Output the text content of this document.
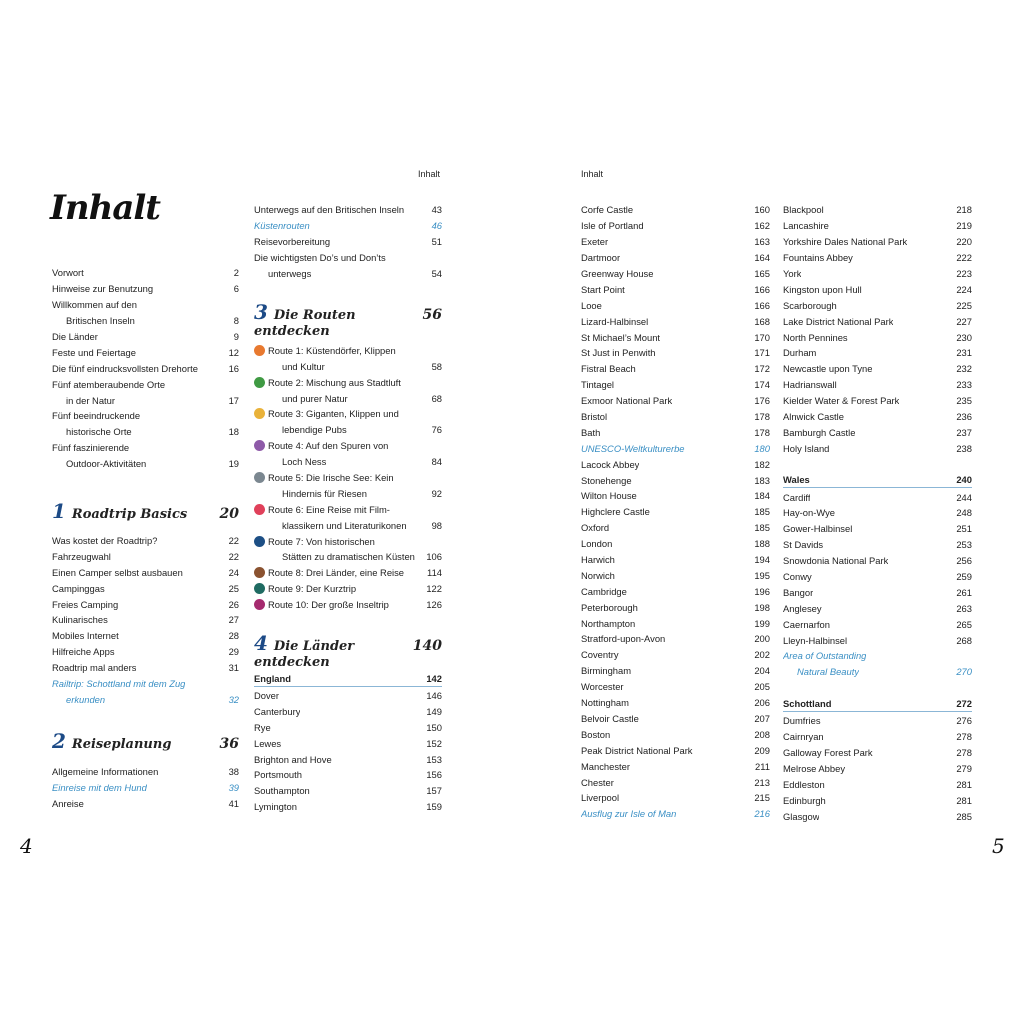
Inhalt	Inhalt
Inhalt
Vorwort	2
Hinweise zur Benutzung	6
Willkommen auf den
Britischen Inseln	8
Die Länder	9
Feste und Feiertage	12
Die fünf eindrucksvollsten Drehorte	16
Fünf atemberaubende Orte
in der Natur	17
Fünf beeindruckende
historische Orte	18
Fünf faszinierende
Outdoor-Aktivitäten	19
1 Roadtrip Basics 20
Was kostet der Roadtrip?	22
Fahrzeugwahl	22
Einen Camper selbst ausbauen	24
Campinggas	25
Freies Camping	26
Kulinarisches	27
Mobiles Internet	28
Hilfreiche Apps	29
Roadtrip mal anders	31
Railtrip: Schottland mit dem Zug
erkunden	32
2 Reiseplanung	36
Allgemeine Informationen	38
Einreise mit dem Hund	39
Anreise	41
Unterwegs auf den Britischen Inseln	43
Küstenrouten	46
Reisevorbereitung	51
Die wichtigsten Do’s und Don’ts
unterwegs	54
3 Die Routen entdecken
56
Route 1: Küstendörfer, Klippen
und Kultur	58
Route 2: Mischung aus Stadtluft
und purer Natur	68
Route 3: Giganten, Klippen und
lebendige Pubs	76
Route 4: Auf den Spuren von
Loch Ness	84
Route 5: Die Irische See: Kein
Hindernis für Riesen	92
Route 6: Eine Reise mit Film-
klassikern und Literaturikonen	98
Route 7: Von historischen
Stätten zu dramatischen Küsten 106
Route 8: Drei Länder, eine Reise 114
Route 9: Der Kurztrip	122
Route 10: Der große Inseltrip	126
4 Die Länder entdecken
140
England	142
Dover	146
Canterbury	149
Rye	150
Lewes	152
Brighton and Hove	153
Portsmouth	156
Southampton	157
Lymington	159
Corfe Castle	160
Isle of Portland	162
Exeter	163
Dartmoor	164
Greenway House	165
Start Point	166
Looe	166
Lizard-Halbinsel	168
St Michael’s Mount	170
St Just in Penwith	171
Fistral Beach	172
Tintagel	174
Exmoor National Park	176
Bristol	178
Bath	178
UNESCO-Weltkulturerbe	180
Lacock Abbey	182
Stonehenge	183
Wilton House	184
Highclere Castle	185
Oxford	185
London	188
Harwich	194
Norwich	195
Cambridge	196
Peterborough	198
Northampton	199
Stratford-upon-Avon	200
Coventry	202
Birmingham	204
Worcester	205
Nottingham	206
Belvoir Castle	207
Boston	208
Peak District National Park	209
Manchester	211
Chester	213
Liverpool	215
Ausflug zur Isle of Man	216
Blackpool	218
Lancashire	219
Yorkshire Dales National Park	220
Fountains Abbey	222
York	223
Kingston upon Hull	224
Scarborough	225
Lake District National Park	227
North Pennines	230
Durham	231
Newcastle upon Tyne	232
Hadrianswall	233
Kielder Water & Forest Park	235
Alnwick Castle	236
Bamburgh Castle	237
Holy Island	238
Wales	240
Cardiff	244
Hay-on-Wye	248
Gower-Halbinsel	251
St Davids	253
Snowdonia National Park	256
Conwy	259
Bangor	261
Anglesey	263
Caernarfon	265
Lleyn-Halbinsel	268
Area of Outstanding
Natural Beauty	270
Schottland	272
Dumfries	276
Cairnryan	278
Galloway Forest Park	278
Melrose Abbey	279
Eddleston	281
Edinburgh	281
Glasgow	285
4	5
